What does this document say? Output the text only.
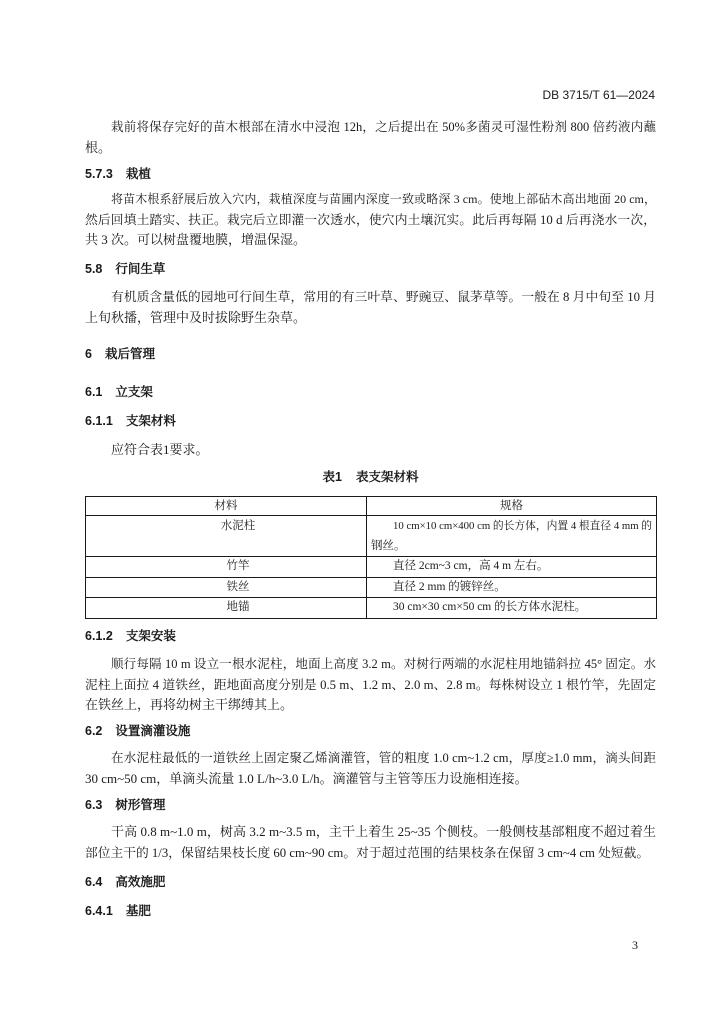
DB 3715/T 61—2024
栽前将保存完好的苗木根部在清水中浸泡 12h，之后提出在 50%多菌灵可湿性粉剂 800 倍药液内蘸
根。
5.7.3 栽植
将苗木根系舒展后放入穴内，栽植深度与苗圃内深度一致或略深 3 cm。使地上部砧木高出地面 20 cm，
然后回填土踏实、扶正。栽完后立即灌一次透水，使穴内土壤沉实。此后再每隔 10 d 后再浇水一次，
共 3 次。可以树盘覆地膜，增温保湿。
5.8 行间生草
有机质含量低的园地可行间生草，常用的有三叶草、野豌豆、鼠茅草等。一般在 8 月中旬至 10 月
上旬秋播，管理中及时拔除野生杂草。
6 栽后管理
6.1 立支架
6.1.1 支架材料
应符合表1要求。
表1 表支架材料
材料	规格
水泥柱	10 cm×10 cm×400 cm 的长方体，内置 4 根直径 4 mm 的
钢丝。

竹竿	直径 2cm~3 cm，高 4 m 左右。

铁丝	直径 2 mm 的镀锌丝。

地锚	30 cm×30 cm×50 cm 的长方体水泥柱。
6.1.2 支架安装
顺行每隔 10 m 设立一根水泥柱，地面上高度 3.2 m。对树行两端的水泥柱用地锚斜拉 45° 固定。水
泥柱上面拉 4 道铁丝，距地面高度分别是 0.5 m、1.2 m、2.0 m、2.8 m。每株树设立 1 根竹竿，先固定
在铁丝上，再将幼树主干绑缚其上。
6.2 设置滴灌设施
在水泥柱最低的一道铁丝上固定聚乙烯滴灌管，管的粗度 1.0 cm~1.2 cm，厚度≥1.0 mm，滴头间距
30 cm~50 cm，单滴头流量 1.0 L/h~3.0 L/h。滴灌管与主管等压力设施相连接。
6.3 树形管理
干高 0.8 m~1.0 m，树高 3.2 m~3.5 m，主干上着生 25~35 个侧枝。一般侧枝基部粗度不超过着生
部位主干的 1/3，保留结果枝长度 60 cm~90 cm。对于超过范围的结果枝条在保留 3 cm~4 cm 处短截。
6.4 高效施肥
6.4.1 基肥
3
